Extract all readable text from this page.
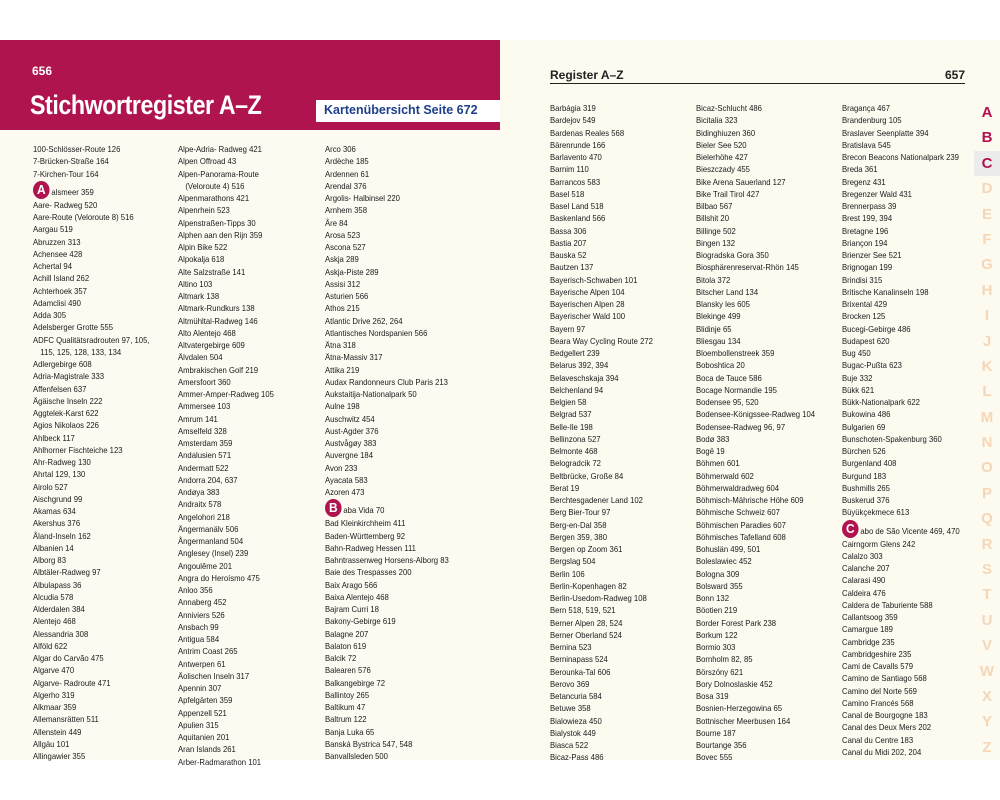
656
Stichwortregister A–Z	Kartenübersicht Seite 672
100-Schlösser-Route 126
7-Brücken-Straße 164
7-Kirchen-Tour 164
A alsmeer 359
Aare- Radweg 520
Aare-Route (Veloroute 8) 516
Aargau 519
Abruzzen 313
Achensee 428
Achertal 94
Achill Island 262
Achterhoek 357
Adamclisi 490
Adda 305
Adelsberger Grotte 555
ADFC Qualitätsradrouten 97, 105,
115, 125, 128, 133, 134
Adlergebirge 608
Adria-Magistrale 333
Affenfelsen 637
Ägäische Inseln 222
Aggtelek-Karst 622
Agios Nikolaos 226
Ahlbeck 117
Ahlhorner Fischteiche 123
Ahr-Radweg 130
Ahrtal 129, 130
Airolo 527
Aischgrund 99
Akamas 634
Akershus 376
Åland-Inseln 162
Albanien 14
Alborg 83
Albtäler-Radweg 97
Albulapass 36
Alcudia 578
Alderdalen 384
Alentejo 468
Alessandria 308
Alföld 622
Algar do Carvão 475
Algarve 470
Algarve- Radroute 471
Algerho 319
Alkmaar 359
Allemansrätten 511
Allenstein 449
Allgäu 101
Allingawier 355
Alpe-Adria- Radweg 421
Alpen Offroad 43
Alpen-Panorama-Route
(Veloroute 4) 516
Alpenmarathons 421
Alpenrhein 523
Alpenstraßen-Tipps 30
Alphen aan den Rijn 359
Alpin Bike 522
Alpokalja 618
Alte Salzstraße 141
Altino 103
Altmark 138
Altmark-Rundkurs 138
Altmühltal-Radweg 146
Alto Alentejo 468
Altvatergebirge 609
Älvdalen 504
Ambrakischen Golf 219
Amersfoort 360
Ammer-Amper-Radweg 105
Ammersee 103
Amrum 141
Amselfeld 328
Amsterdam 359
Andalusien 571
Andermatt 522
Andorra 204, 637
Andøya 383
Andraitx 578
Angelohori 218
Ängermanälv 506
Ångermanland 504
Anglesey (Insel) 239
Angoulême 201
Angra do Heroísmo 475
Anloo 356
Annaberg 452
Anniviers 526
Ansbach 99
Antigua 584
Antrim Coast 265
Antwerpen 61
Äolischen Inseln 317
Apennin 307
Apfelgärten 359
Appenzell 521
Apulien 315
Aquitanien 201
Aran Islands 261
Arber-Radmarathon 101
Arco 306
Ardèche 185
Ardennen 61
Arendal 376
Argolis- Halbinsel 220
Arnhem 358
Åre 84
Arosa 523
Ascona 527
Askja 289
Askja-Piste 289
Assisi 312
Asturien 566
Athos 215
Atlantic Drive 262, 264
Atlantisches Nordspanien 566
Ätna 318
Ätna-Massiv 317
Attika 219
Audax Randonneurs Club Paris 213
Aukstaitija-Nationalpark 50
Aulne 198
Auschwitz 454
Aust-Agder 376
Austvågøy 383
Auvergne 184
Avon 233
Ayacata 583
Azoren 473
B aba Vida 70
Bad Kleinkirchheim 411
Baden-Württemberg 92
Bahn-Radweg Hessen 111
Bahntrassenweg Horsens-Alborg 83
Baie des Trespasses 200
Baix Arago 566
Baixa Alentejo 468
Bajram Curri 18
Bakony-Gebirge 619
Balagne 207
Balaton 619
Balcik 72
Balearen 576
Balkangebirge 72
Ballintoy 265
Baltikum 47
Baltrum 122
Banja Luka 65
Banská Bystrica 547, 548
Banvallsleden 500
Register A–Z	657
Barbágia 319
Bardejov 549
Bardenas Reales 568
Bärenrunde 166
Barlavento 470
Barnim 110
Barrancos 583
Basel 518
Basel Land 518
Baskenland 566
Bassa 306
Bastia 207
Bauska 52
Bautzen 137
Bayerisch-Schwaben 101
Bayerische Alpen 104
Bayerischen Alpen 28
Bayerischer Wald 100
Bayern 97
Beara Way Cycling Route 272
Bedgellert 239
Belarus 392, 394
Belaveschskaja 394
Belchenland 94
Belgien 58
Belgrad 537
Belle-Ile 198
Bellinzona 527
Belmonte 468
Belogradcik 72
Beltbrücke, Große 84
Berat 19
Berchtesgadener Land 102
Berg Bier-Tour 97
Berg-en-Dal 358
Bergen 359, 380
Bergen op Zoom 361
Bergslag 504
Berlin 106
Berlin-Kopenhagen 82
Berlin-Usedom-Radweg 108
Bern 518, 519, 521
Berner Alpen 28, 524
Berner Oberland 524
Bernina 523
Berninapass 524
Berounka-Tal 606
Berovo 369
Betancuria 584
Betuwe 358
Bialowieza 450
Bialystok 449
Biasca 522
Bicaz-Pass 486
Bicaz-Schlucht 486
Bicitalia 323
Bidinghiuzen 360
Bieler See 520
Bielerhöhe 427
Bieszczady 455
Bike Arena Sauerland 127
Bike Trail Tirol 427
Bilbao 567
Billshit 20
Billinge 502
Bingen 132
Biogradska Gora 350
Biosphärenreservat-Rhön 145
Bitola 372
Bitscher Land 134
Blansky les 605
Blekinge 499
Blidinje 65
Bliesgau 134
Bloembollenstreek 359
Boboshtica 20
Boca de Tauce 586
Bocage Normandie 195
Bodensee 95, 520
Bodensee-Königssee-Radweg 104
Bodensee-Radweg 96, 97
Bodø 383
Bogë 19
Böhmen 601
Böhmerwald 602
Böhmerwaldradweg 604
Böhmisch-Mährische Höhe 609
Böhmische Schweiz 607
Böhmischen Paradies 607
Böhmisches Tafelland 608
Bohuslän 499, 501
Boleslawiec 452
Bologna 309
Bolsward 355
Bonn 132
Böotien 219
Border Forest Park 238
Borkum 122
Bormio 303
Bornholm 82, 85
Börszöny 621
Bory Dolnoslaskie 452
Bosa 319
Bosnien-Herzegowina 65
Bottnischer Meerbusen 164
Bourne 187
Bourtange 356
Bovec 555
Bragança 467
Brandenburg 105
Braslaver Seenplatte 394
Bratislava 545
Brecon Beacons Nationalpark 239
Breda 361
Bregenz 431
Bregenzer Wald 431
Brennerpass 39
Brest 199, 394
Bretagne 196
Briançon 194
Brienzer See 521
Brignogan 199
Brindisi 315
Britische Kanalinseln 198
Brixental 429
Brocken 125
Bucegi-Gebirge 486
Budapest 620
Bug 450
Bugac-Pußta 623
Buje 332
Bükk 621
Bükk-Nationalpark 622
Bukowina 486
Bulgarien 69
Bunschoten-Spakenburg 360
Bürchen 526
Burgenland 408
Burgund 183
Bushmills 265
Buskerud 376
Büyükçekmece 613
C abo de São Vicente 469, 470
Cairngorm Glens 242
Calalzo 303
Calanche 207
Calarasi 490
Caldeira 476
Caldera de Taburiente 588
Callantsoog 359
Camargue 189
Cambridge 235
Cambridgeshire 235
Cami de Cavalls 579
Camino de Santiago 568
Camino del Norte 569
Camino Francés 568
Canal de Bourgogne 183
Canal des Deux Mers 202
Canal du Centre 183
Canal du Midi 202, 204
A
B
C
D
E
F
G
H
I
J
K
L
M
N
O
P
Q
R
S
T
U
V
W
X
Y
Z
